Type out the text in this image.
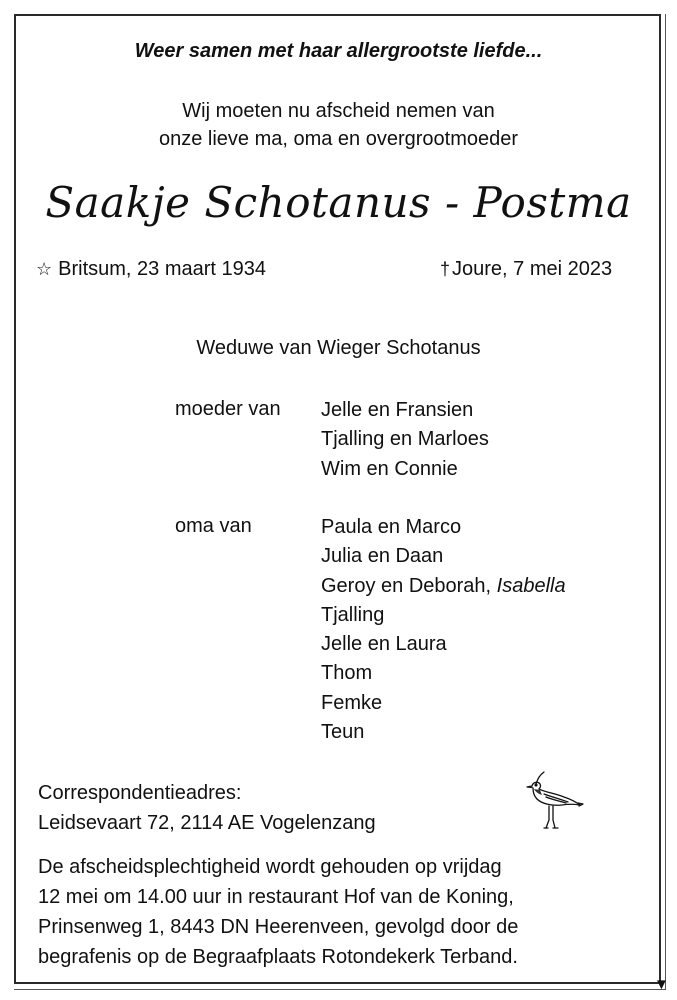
▼
Weer samen met haar allergrootste liefde...
Wij moeten nu afscheid nemen van
onze lieve ma, oma en overgrootmoeder
Saakje Schotanus - Postma
☆ Britsum, 23 maart 1934	† Joure, 7 mei 2023
Weduwe van Wieger Schotanus
moeder van Jelle en Fransien
Tjalling en Marloes
Wim en Connie
oma van	Paula en Marco
Julia en Daan
Geroy en Deborah, Isabella
Tjalling
Jelle en Laura
Thom
Femke
Teun
Correspondentieadres:
Leidsevaart 72, 2114 AE Vogelenzang
De afscheidsplechtigheid wordt gehouden op vrijdag
12 mei om 14.00 uur in restaurant Hof van de Koning,
Prinsenweg 1, 8443 DN Heerenveen, gevolgd door de
begrafenis op de Begraafplaats Rotondekerk Terband.
